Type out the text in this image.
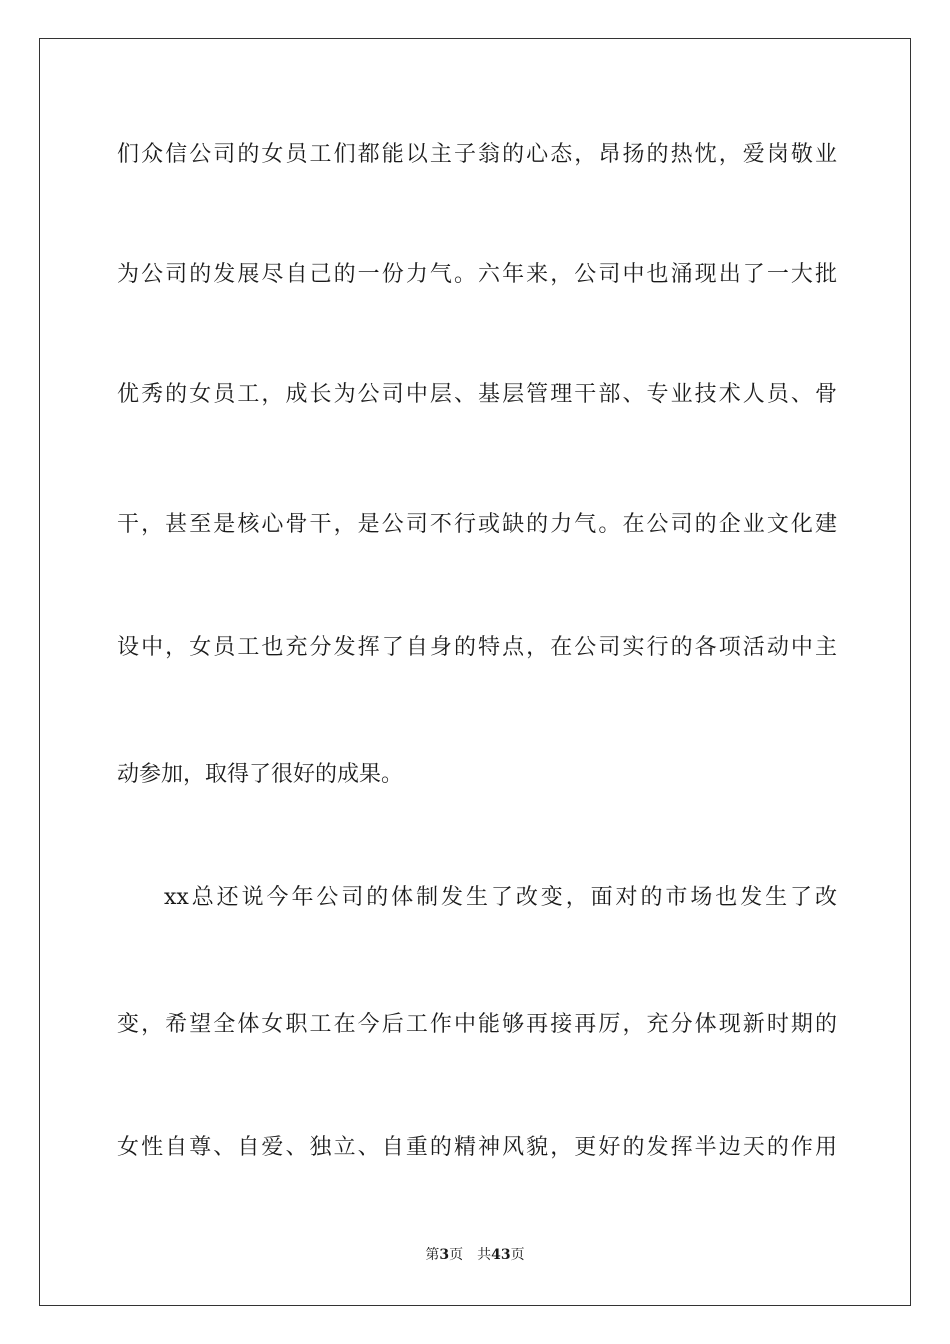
们众信公司的女员工们都能以主子翁的心态，昂扬的热忱，爱岗敬业
为公司的发展尽自己的一份力气。六年来，公司中也涌现出了一大批
优秀的女员工，成长为公司中层、基层管理干部、专业技术人员、骨
干，甚至是核心骨干，是公司不行或缺的力气。在公司的企业文化建
设中，女员工也充分发挥了自身的特点，在公司实行的各项活动中主
动参加，取得了很好的成果。
xx总还说今年公司的体制发生了改变，面对的市场也发生了改
变，希望全体女职工在今后工作中能够再接再厉，充分体现新时期的
女性自尊、自爱、独立、自重的精神风貌，更好的发挥半边天的作用
第3页 共43页
